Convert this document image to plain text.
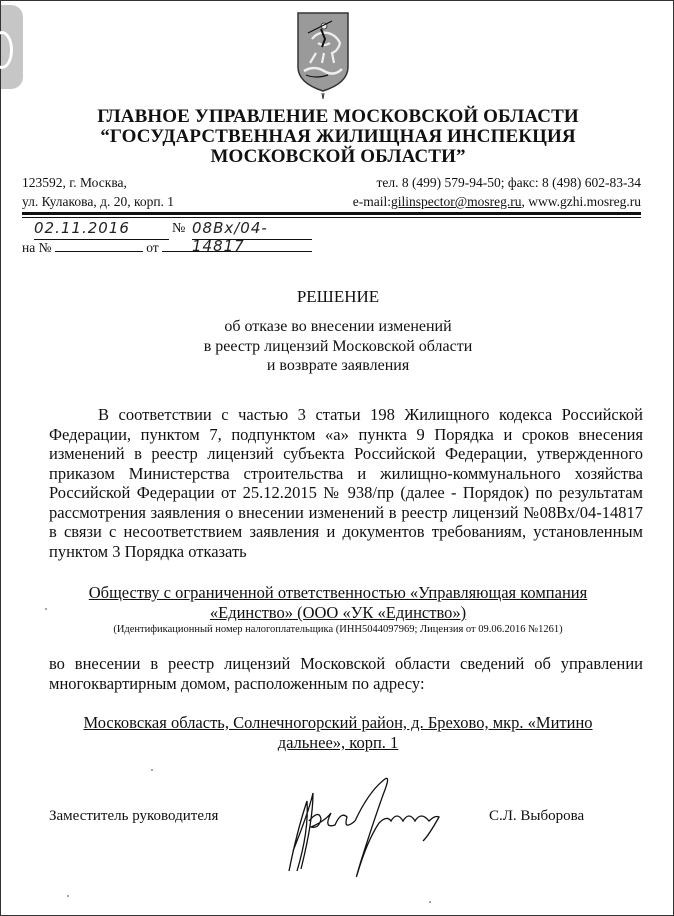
ГЛАВНОЕ УПРАВЛЕНИЕ МОСКОВСКОЙ ОБЛАСТИ
“ГОСУДАРСТВЕННАЯ ЖИЛИЩНАЯ ИНСПЕКЦИЯ
МОСКОВСКОЙ ОБЛАСТИ”
123592, г. Москва,
ул. Кулакова, д. 20, корп. 1
тел. 8 (499) 579-94-50; факс: 8 (498) 602-83-34
e-mail:gilinspector@mosreg.ru, www.gzhi.mosreg.ru
02.11.2016	№ 08Вх/04-14817
на №	от
РЕШЕНИЕ
об отказе во внесении изменений
в реестр лицензий Московской области
и возврате заявления
В соответствии с частью 3 статьи 198 Жилищного кодекса Российской Федерации, пунктом 7, подпунктом «а» пункта 9 Порядка и сроков внесения изменений в реестр лицензий субъекта Российской Федерации, утвержденного приказом Министерства строительства и жилищно-коммунального хозяйства Российской Федерации от 25.12.2015 № 938/пр (далее - Порядок) по результатам рассмотрения заявления о внесении изменений в реестр лицензий №08Вх/04-14817 в связи с несоответствием заявления и документов требованиям, установленным пунктом 3 Порядка отказать
Обществу с ограниченной ответственностью «Управляющая компания
«Единство» (ООО «УК «Единство»)
(Идентификационный номер налогоплательщика (ИНН5044097969; Лицензия от 09.06.2016 №1261)
во внесении в реестр лицензий Московской области сведений об управлении многоквартирным домом, расположенным по адресу:
Московская область, Солнечногорский район, д. Брехово, мкр. «Митино
дальнее», корп. 1
Заместитель руководителя	С.Л. Выборова
